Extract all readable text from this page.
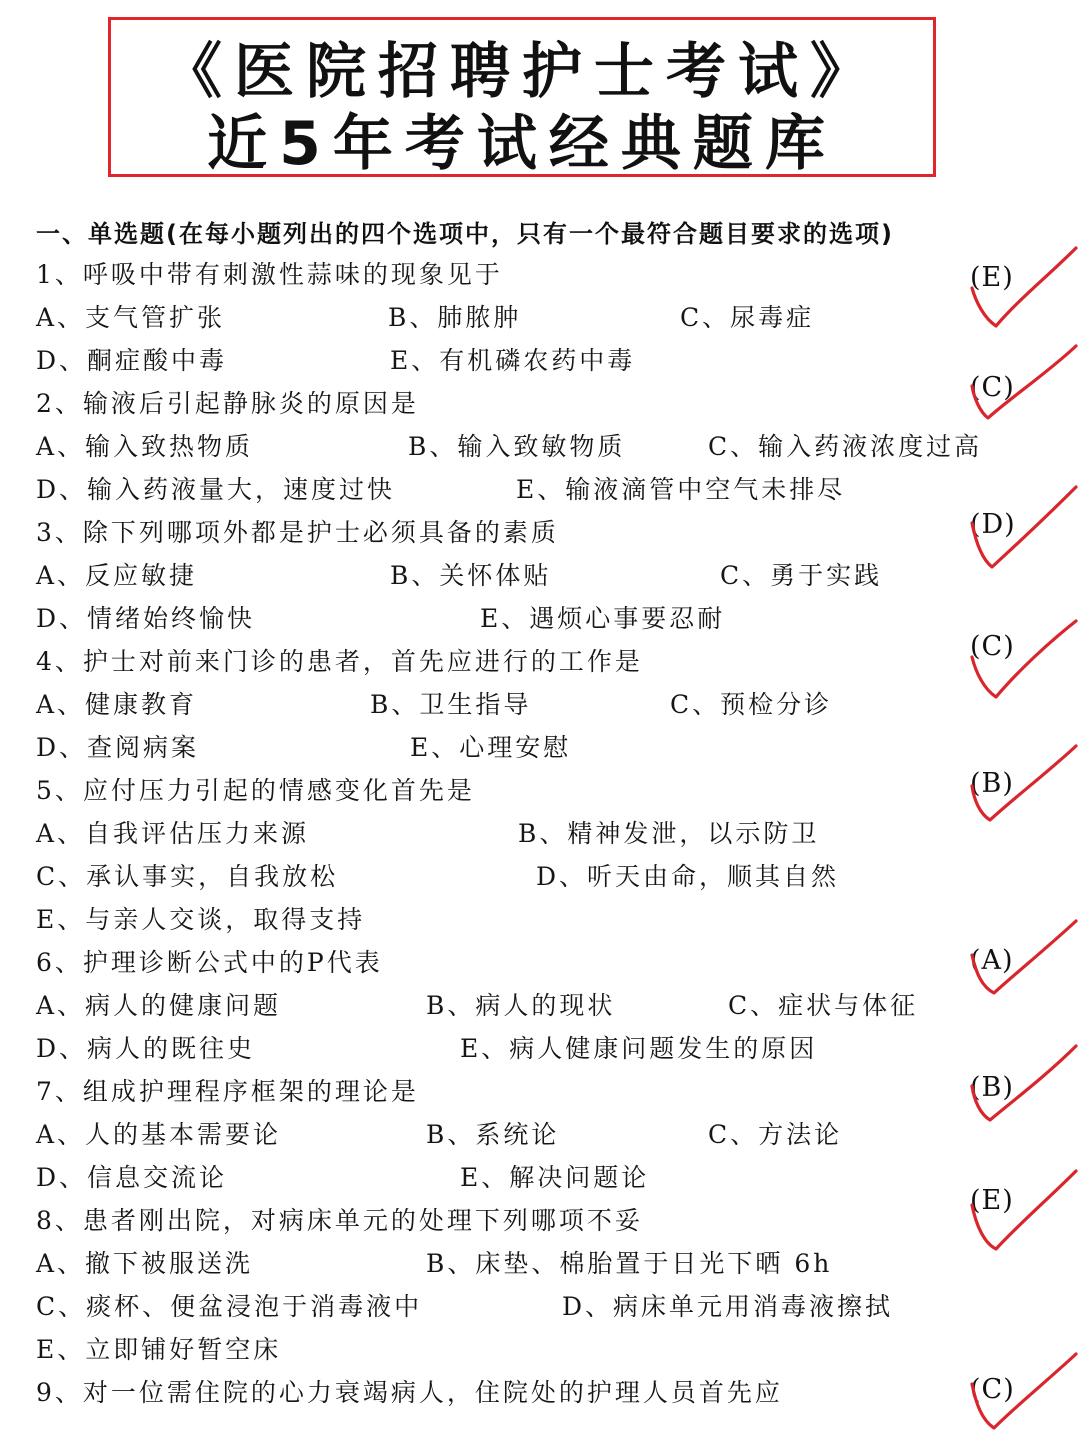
《医院招聘护士考试》
近5年考试经典题库
一、单选题(在每小题列出的四个选项中，只有一个最符合题目要求的选项)
1、呼吸中带有刺激性蒜味的现象见于
A、支气管扩张	B、肺脓肿	C、尿毒症
D、酮症酸中毒	E、有机磷农药中毒
2、输液后引起静脉炎的原因是
A、输入致热物质	B、输入致敏物质	C、输入药液浓度过高
D、输入药液量大，速度过快	E、输液滴管中空气未排尽
3、除下列哪项外都是护士必须具备的素质
A、反应敏捷	B、关怀体贴	C、勇于实践
D、情绪始终愉快	E、遇烦心事要忍耐
4、护士对前来门诊的患者，首先应进行的工作是
A、健康教育	B、卫生指导	C、预检分诊
D、查阅病案	E、心理安慰
5、应付压力引起的情感变化首先是
A、自我评估压力来源	B、精神发泄，以示防卫
C、承认事实，自我放松	D、听天由命，顺其自然
E、与亲人交谈，取得支持
6、护理诊断公式中的P代表
A、病人的健康问题	B、病人的现状	C、症状与体征
D、病人的既往史	E、病人健康问题发生的原因
7、组成护理程序框架的理论是
A、人的基本需要论	B、系统论	C、方法论
D、信息交流论	E、解决问题论
8、患者刚出院，对病床单元的处理下列哪项不妥
A、撤下被服送洗	B、床垫、棉胎置于日光下晒 6h
C、痰杯、便盆浸泡于消毒液中	D、病床单元用消毒液擦拭
E、立即铺好暂空床
9、对一位需住院的心力衰竭病人，住院处的护理人员首先应
(E)
(C)
(D)
(C)
(B)
(A)
(B)
(E)
(C)
